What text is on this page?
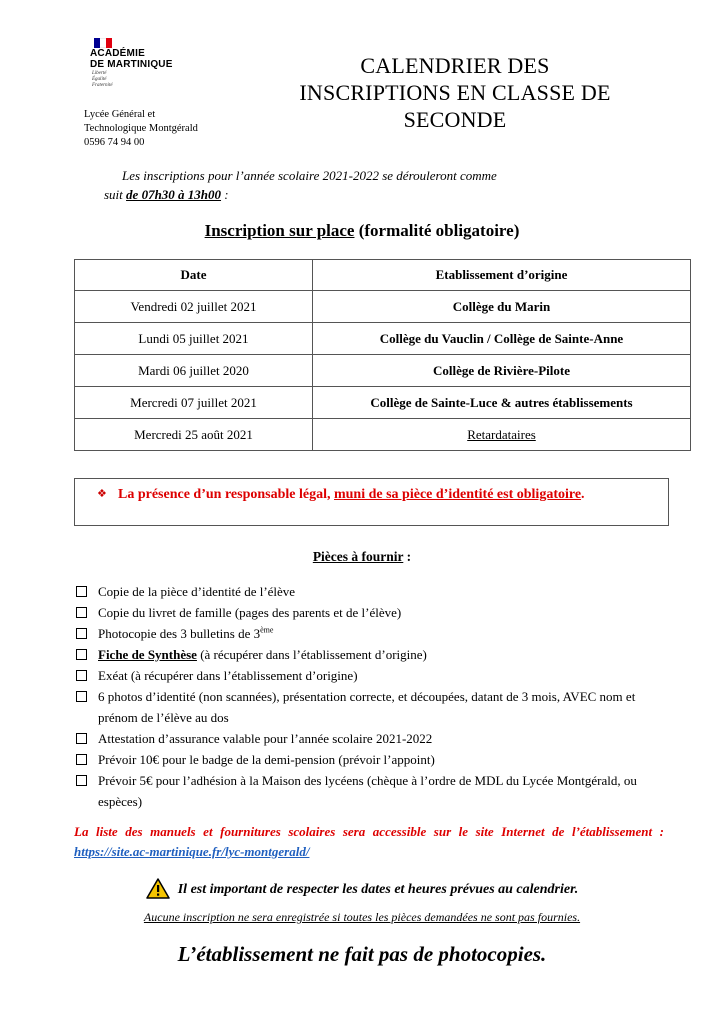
ACADÉMIE
DE MARTINIQUE
Liberté
Égalité
Fraternité
Lycée Général et
Technologique Montgérald
0596 74 94 00
CALENDRIER DES
INSCRIPTIONS EN CLASSE DE
SECONDE
Les inscriptions pour l’année scolaire 2021-2022 se dérouleront comme
suit de 07h30 à 13h00 :
Inscription sur place (formalité obligatoire)
Date	Etablissement d’origine
Vendredi 02 juillet 2021	Collège du Marin
Lundi 05 juillet 2021	Collège du Vauclin / Collège de Sainte-Anne
Mardi 06 juillet 2020	Collège de Rivière-Pilote
Mercredi 07 juillet 2021	Collège de Sainte-Luce & autres établissements
Mercredi 25 août 2021	Retardataires
❖ La présence d’un responsable légal, muni de sa pièce d’identité est obligatoire.
Pièces à fournir :
Copie de la pièce d’identité de l’élève
Copie du livret de famille (pages des parents et de l’élève)
Photocopie des 3 bulletins de 3ème
Fiche de Synthèse (à récupérer dans l’établissement d’origine)
Exéat (à récupérer dans l’établissement d’origine)
6 photos d’identité (non scannées), présentation correcte, et découpées, datant de 3 mois, AVEC nom et prénom de l’élève au dos
Attestation d’assurance valable pour l’année scolaire 2021-2022
Prévoir 10€ pour le badge de la demi-pension (prévoir l’appoint)
Prévoir 5€ pour l’adhésion à la Maison des lycéens (chèque à l’ordre de MDL du Lycée Montgérald, ou espèces)
La liste des manuels et fournitures scolaires sera accessible sur le site Internet de l’établissement : https://site.ac-martinique.fr/lyc-montgerald/
Il est important de respecter les dates et heures prévues au calendrier.
Aucune inscription ne sera enregistrée si toutes les pièces demandées ne sont pas fournies.
L’établissement ne fait pas de photocopies.
